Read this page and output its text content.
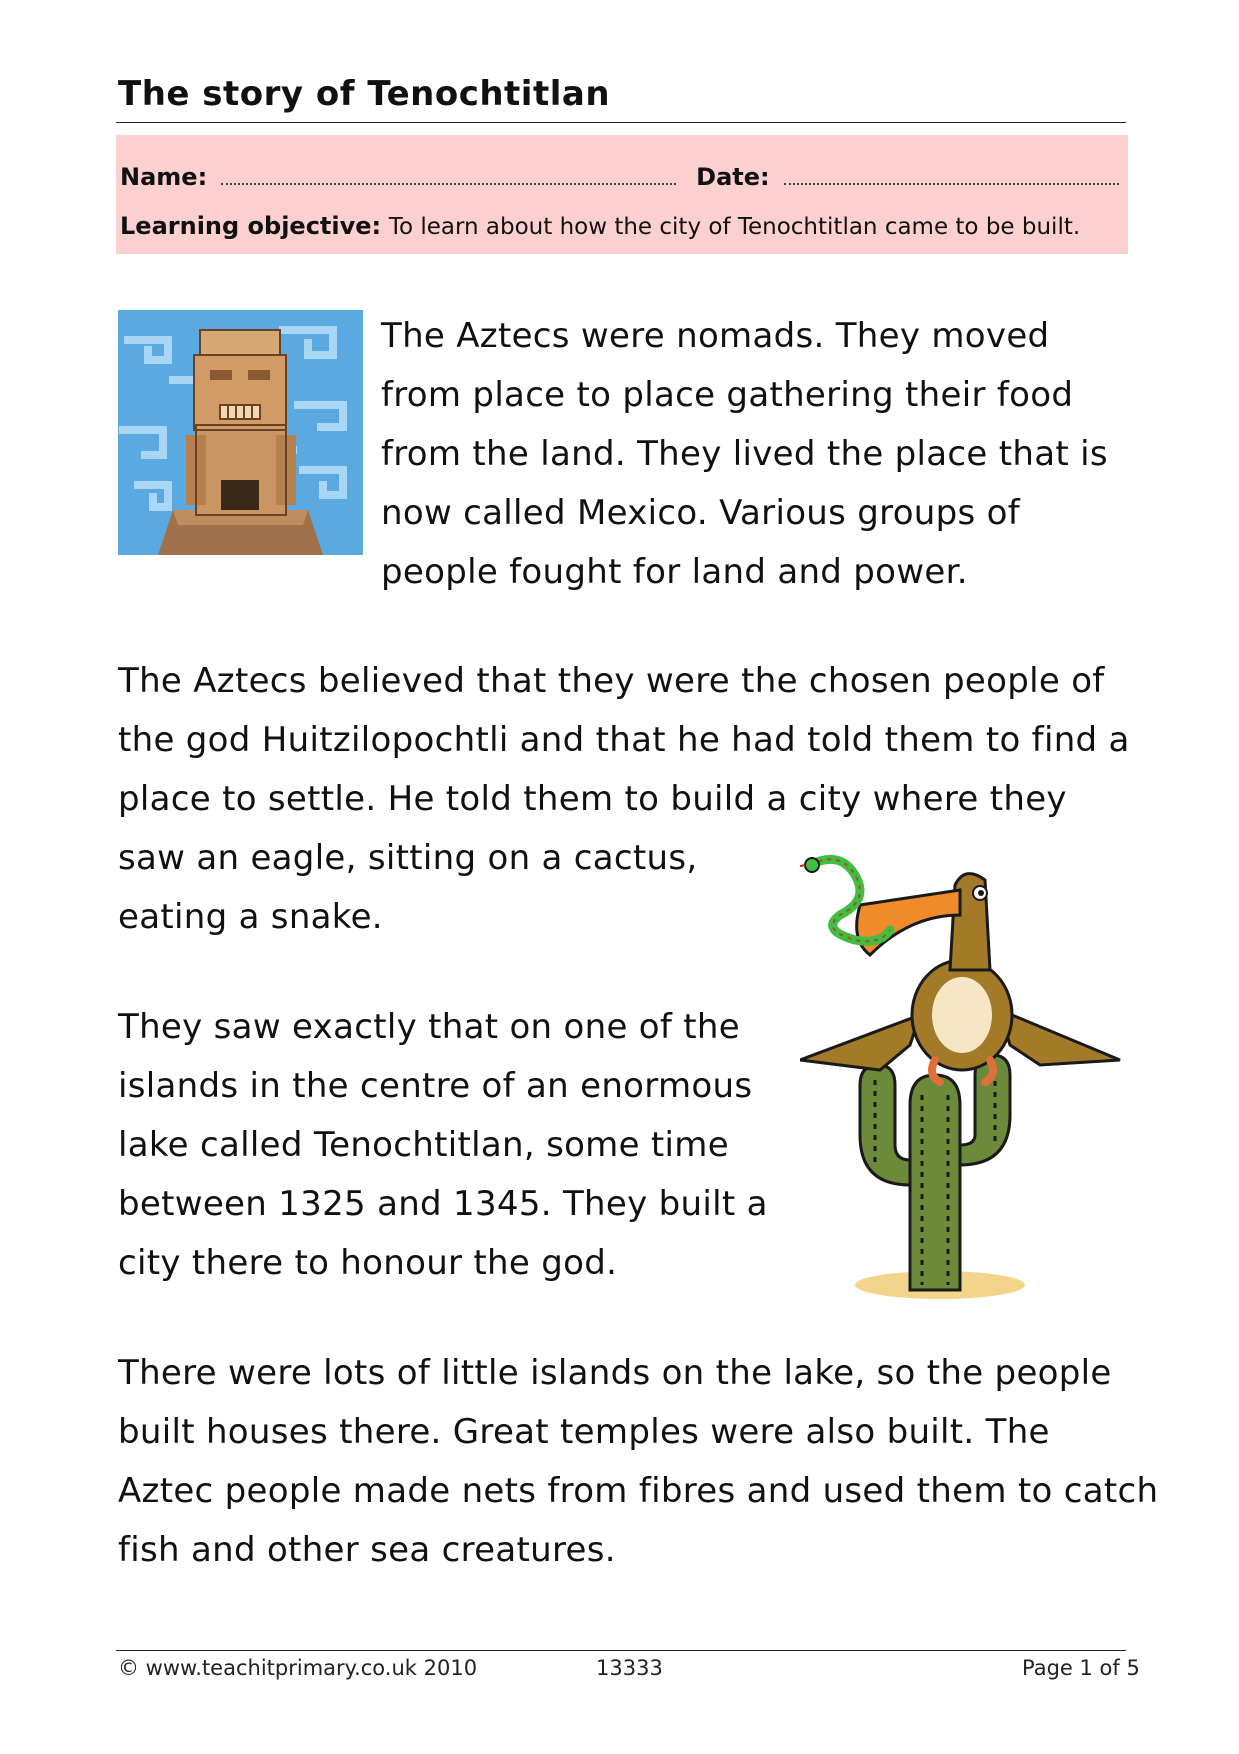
The story of Tenochtitlan
Name:	Date:
Learning objective: To learn about how the city of Tenochtitlan came to be built.
The Aztecs were nomads. They moved
from place to place gathering their food
from the land. They lived the place that is
now called Mexico. Various groups of
people fought for land and power.
The Aztecs believed that they were the chosen people of
the god Huitzilopochtli and that he had told them to find a
place to settle. He told them to build a city where they
saw an eagle, sitting on a cactus,
eating a snake.
They saw exactly that on one of the
islands in the centre of an enormous
lake called Tenochtitlan, some time
between 1325 and 1345. They built a
city there to honour the god.
There were lots of little islands on the lake, so the people
built houses there. Great temples were also built. The
Aztec people made nets from fibres and used them to catch
fish and other sea creatures.
© www.teachitprimary.co.uk 2010	13333	Page 1 of 5
